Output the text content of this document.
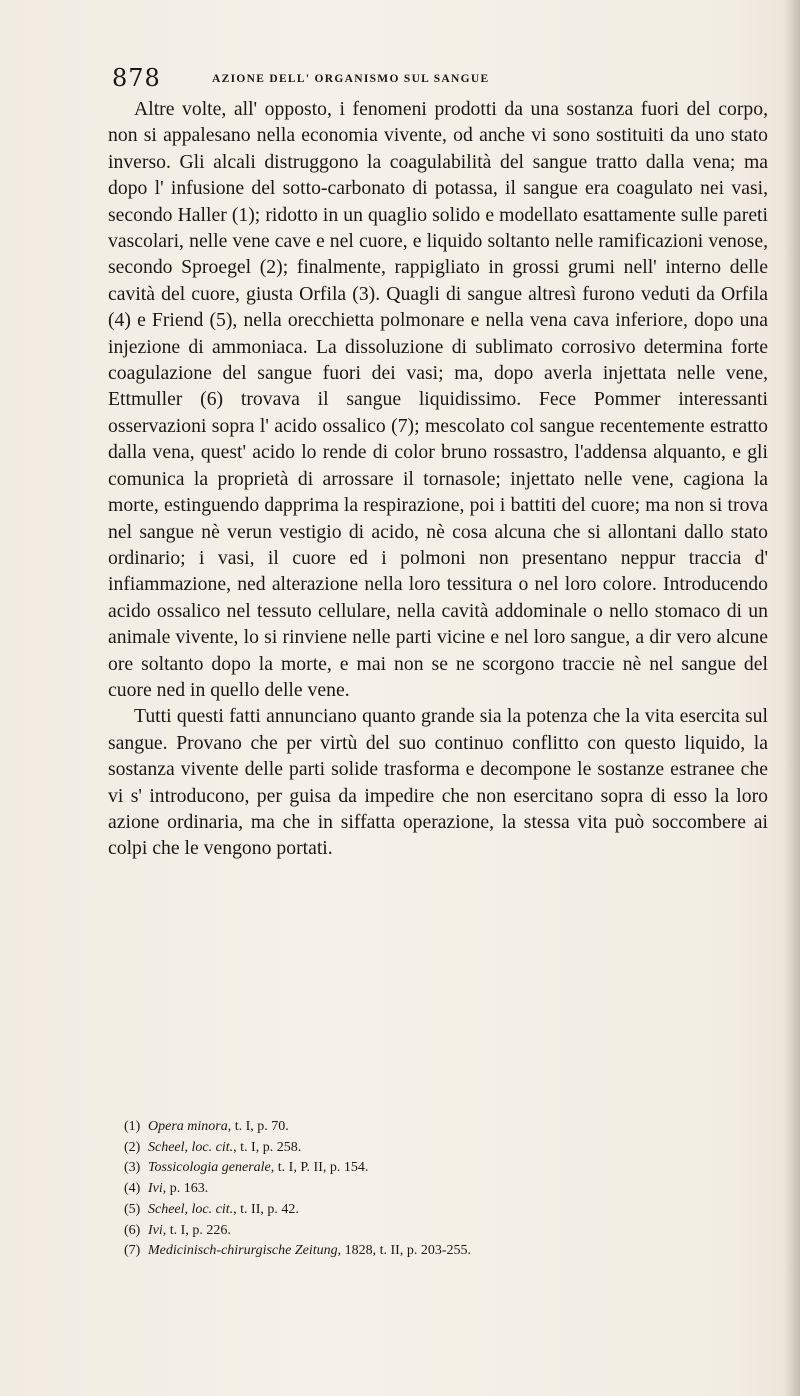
878	AZIONE DELL' ORGANISMO SUL SANGUE

Altre volte, all' opposto, i fenomeni prodotti da una sostanza fuori del corpo, non si appalesano nella economia vivente, od anche vi sono sostituiti da uno stato inverso. Gli alcali distruggono la coagulabilità del sangue tratto dalla vena; ma dopo l' infusione del sotto-carbonato di potassa, il sangue era coagulato nei vasi, secondo Haller (1); ridotto in un quaglio solido e modellato esattamente sulle pareti vascolari, nelle vene cave e nel cuore, e liquido soltanto nelle ramificazioni venose, secondo Sproegel (2); finalmente, rappigliato in grossi grumi nell' interno delle cavità del cuore, giusta Orfila (3). Quagli di sangue altresì furono veduti da Orfila (4) e Friend (5), nella orecchietta polmonare e nella vena cava inferiore, dopo una injezione di ammoniaca. La dissoluzione di sublimato corrosivo determina forte coagulazione del sangue fuori dei vasi; ma, dopo averla injettata nelle vene, Ettmuller (6) trovava il sangue liquidissimo. Fece Pommer interessanti osservazioni sopra l' acido ossalico (7); mescolato col sangue recentemente estratto dalla vena, quest' acido lo rende di color bruno rossastro, l'addensa alquanto, e gli comunica la proprietà di arrossare il tornasole; injettato nelle vene, cagiona la morte, estinguendo dapprima la respirazione, poi i battiti del cuore; ma non si trova nel sangue nè verun vestigio di acido, nè cosa alcuna che si allontani dallo stato ordinario; i vasi, il cuore ed i polmoni non presentano neppur traccia d' infiammazione, ned alterazione nella loro tessitura o nel loro colore. Introducendo acido ossalico nel tessuto cellulare, nella cavità addominale o nello stomaco di un animale vivente, lo si rinviene nelle parti vicine e nel loro sangue, a dir vero alcune ore soltanto dopo la morte, e mai non se ne scorgono traccie nè nel sangue del cuore ned in quello delle vene.

Tutti questi fatti annunciano quanto grande sia la potenza che la vita esercita sul sangue. Provano che per virtù del suo continuo conflitto con questo liquido, la sostanza vivente delle parti solide trasforma e decompone le sostanze estranee che vi s' introducono, per guisa da impedire che non esercitano sopra di esso la loro azione ordinaria, ma che in siffatta operazione, la stessa vita può soccombere ai colpi che le vengono portati.

(1) Opera minora, t. I, p. 70.
(2) Scheel, loc. cit., t. I, p. 258.
(3) Tossicologia generale, t. I, P. II, p. 154.
(4) Ivi, p. 163.
(5) Scheel, loc. cit., t. II, p. 42.
(6) Ivi, t. I, p. 226.
(7) Medicinisch-chirurgische Zeitung, 1828, t. II, p. 203-255.
